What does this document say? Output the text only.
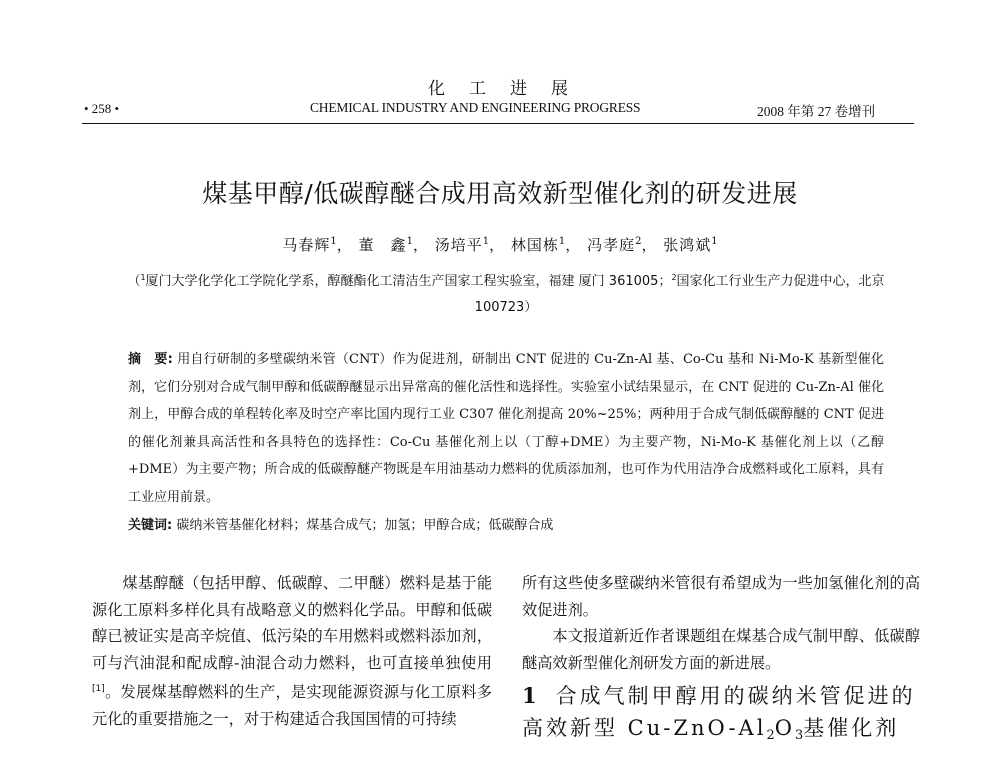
化工进展
• 258 •	CHEMICAL INDUSTRY AND ENGINEERING PROGRESS	2008 年第 27 卷增刊
煤基甲醇/低碳醇醚合成用高效新型催化剂的研发进展
马春辉$^1$， 董　鑫$^1$， 汤培平$^1$， 林国栋$^1$， 冯孝庭$^2$， 张鸿斌$^1$
（$^1$厦门大学化学化工学院化学系，醇醚酯化工清洁生产国家工程实验室，福建 厦门 361005；$^2$国家化工行业生产力促进中心，北京 100723）
摘　要: 用自行研制的多壁碳纳米管（CNT）作为促进剂，研制出 CNT 促进的 Cu-Zn-Al 基、Co-Cu 基和 Ni-Mo-K 基新型催化剂，它们分别对合成气制甲醇和低碳醇醚显示出异常高的催化活性和选择性。实验室小试结果显示，在 CNT 促进的 Cu-Zn-Al 催化剂上，甲醇合成的单程转化率及时空产率比国内现行工业 C307 催化剂提高 20%~25%；两种用于合成气制低碳醇醚的 CNT 促进的催化剂兼具高活性和各具特色的选择性：Co-Cu 基催化剂上以（丁醇+DME）为主要产物，Ni-Mo-K 基催化剂上以（乙醇+DME）为主要产物；所合成的低碳醇醚产物既是车用油基动力燃料的优质添加剂，也可作为代用洁净合成燃料或化工原料，具有工业应用前景。
关键词: 碳纳米管基催化材料；煤基合成气；加氢；甲醇合成；低碳醇合成

煤基醇醚（包括甲醇、低碳醇、二甲醚）燃料是基于能源化工原料多样化具有战略意义的燃料化学品。甲醇和低碳醇已被证实是高辛烷值、低污染的车用燃料或燃料添加剂，可与汽油混和配成醇-油混合动力燃料，也可直接单独使用[1]。发展煤基醇燃料的生产，是实现能源资源与化工原料多元化的重要措施之一，对于构建适合我国国情的可持续

所有这些使多壁碳纳米管很有希望成为一些加氢催化剂的高效促进剂。

本文报道新近作者课题组在煤基合成气制甲醇、低碳醇醚高效新型催化剂研发方面的新进展。

1 合成气制甲醇用的碳纳米管促进的高效新型 $Cu-ZnO-Al_2O_3$基催化剂
